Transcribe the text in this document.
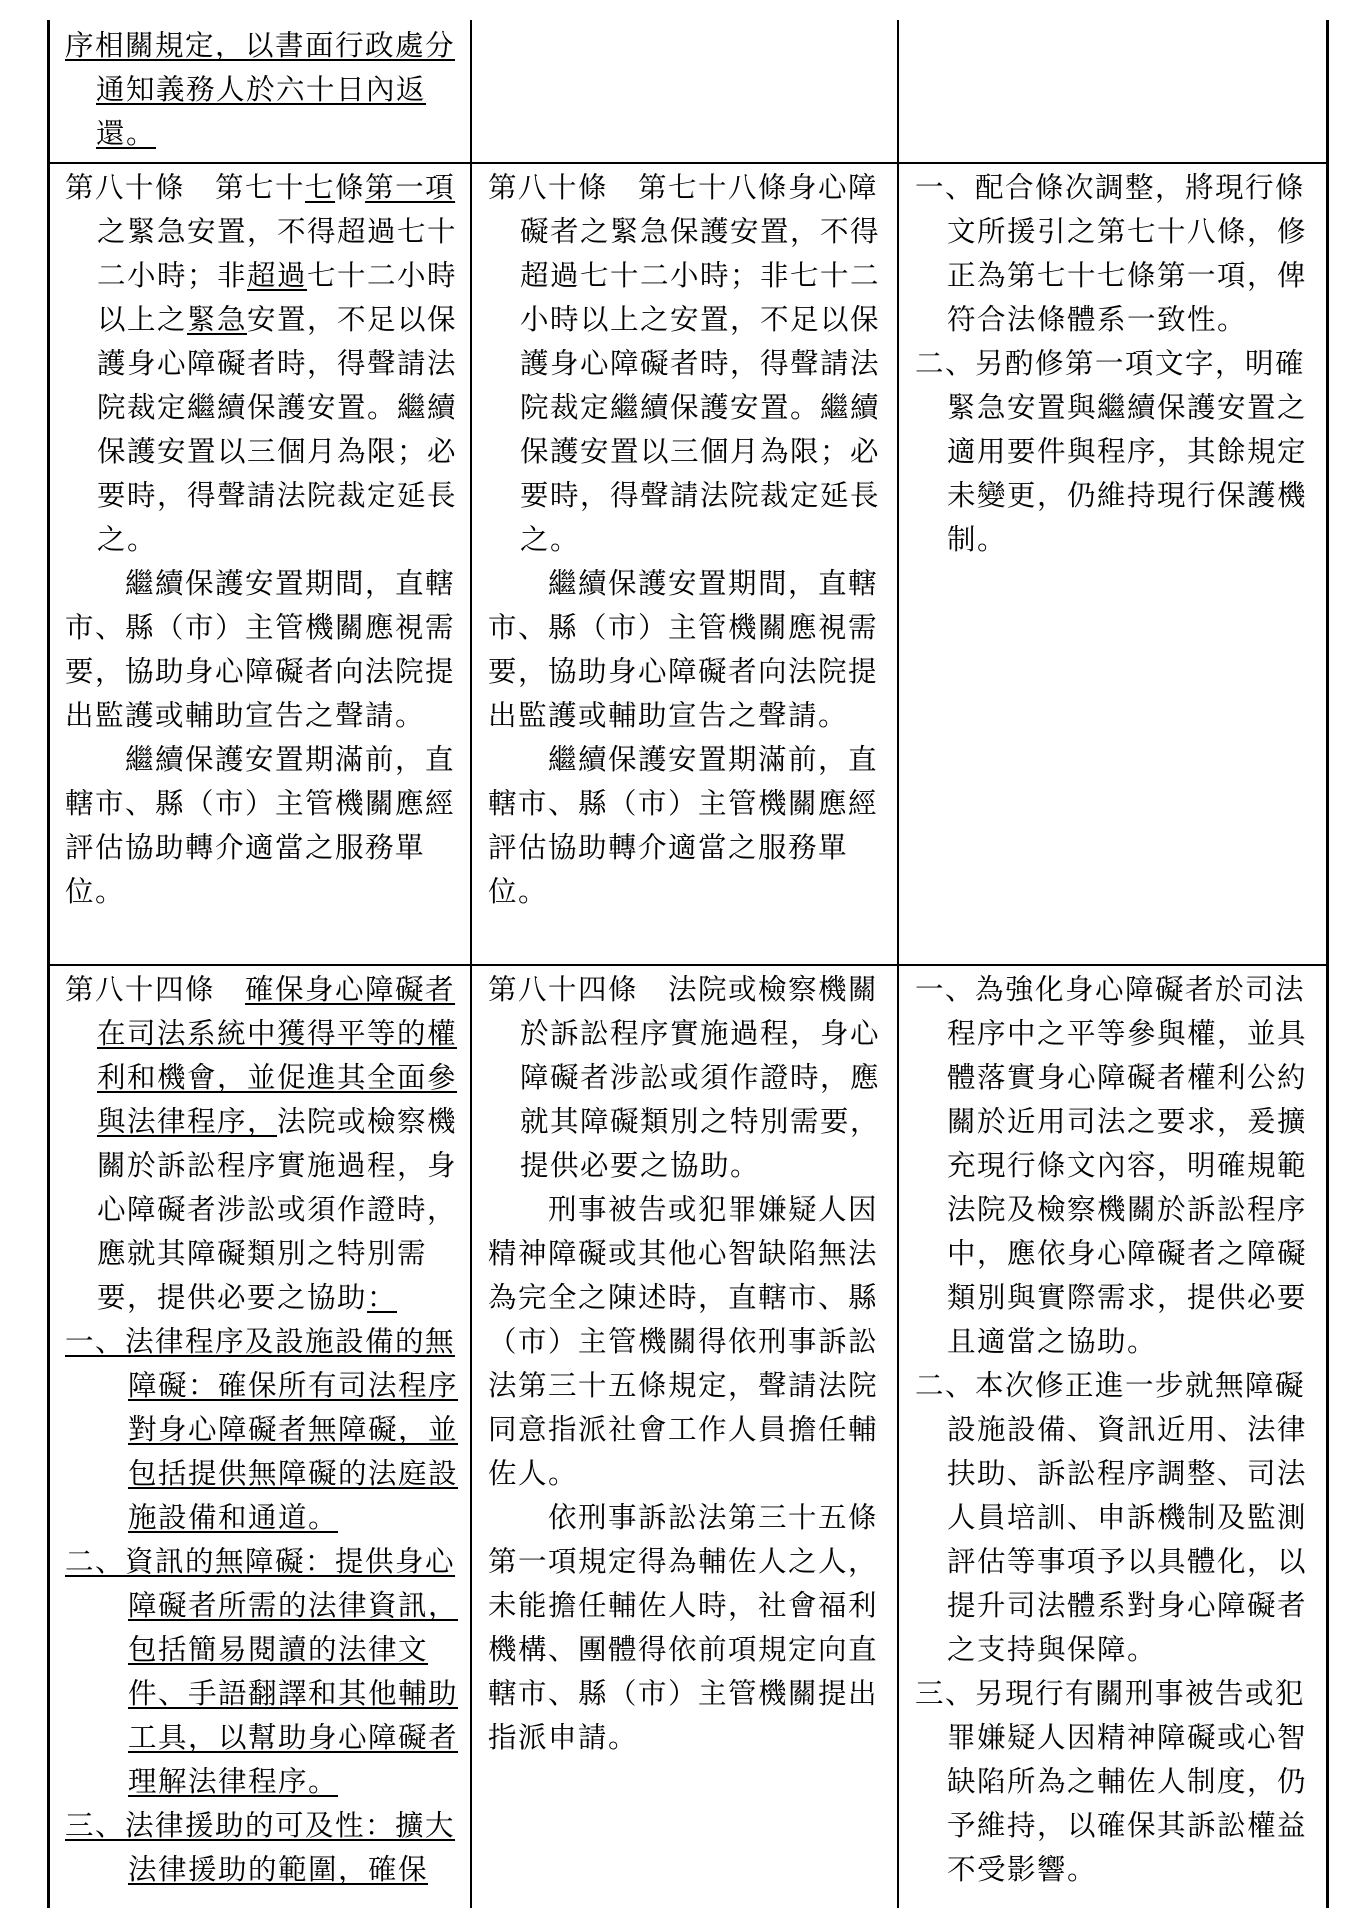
序相關規定，以書面行政處分通知義務人於六十日內返還。

第八十條　 第七十七條第一項之緊急安置，不得超過七十二小時；非超過七十二小時以上之緊急安置，不足以保護身心障礙者時，得聲請法院裁定繼續保護安置。繼續保護安置以三個月為限；必要時，得聲請法院裁定延長之。

繼續保護安置期間，直轄市、縣（市）主管機關應視需要，協助身心障礙者向法院提出監護或輔助宣告之聲請。

繼續保護安置期滿前，直轄市、縣（市）主管機關應經評估協助轉介適當之服務單位。

第八十條　 第七十八條身心障礙者之緊急保護安置，不得超過七十二小時；非七十二小時以上之安置，不足以保護身心障礙者時，得聲請法院裁定繼續保護安置。繼續保護安置以三個月為限；必要時，得聲請法院裁定延長之。

繼續保護安置期間，直轄市、縣（市）主管機關應視需要，協助身心障礙者向法院提出監護或輔助宣告之聲請。

繼續保護安置期滿前，直轄市、縣（市）主管機關應經評估協助轉介適當之服務單位。

一、配合條次調整，將現行條文所援引之第七十八條，修正為第七十七條第一項，俾符合法條體系一致性。

二、另酌修第一項文字，明確緊急安置與繼續保護安置之適用要件與程序，其餘規定未變更，仍維持現行保護機制。

第八十四條　 確保身心障礙者在司法系統中獲得平等的權利和機會，並促進其全面參與法律程序，法院或檢察機關於訴訟程序實施過程，身心障礙者涉訟或須作證時，應就其障礙類別之特別需要，提供必要之協助：

一、法律程序及設施設備的無障礙：確保所有司法程序對身心障礙者無障礙，並包括提供無障礙的法庭設施設備和通道。

二、資訊的無障礙：提供身心障礙者所需的法律資訊，包括簡易閱讀的法律文件、手語翻譯和其他輔助工具，以幫助身心障礙者理解法律程序。

三、法律援助的可及性：擴大法律援助的範圍，確保

第八十四條　 法院或檢察機關於訴訟程序實施過程，身心障礙者涉訟或須作證時，應就其障礙類別之特別需要，提供必要之協助。

刑事被告或犯罪嫌疑人因精神障礙或其他心智缺陷無法為完全之陳述時，直轄市、縣（市）主管機關得依刑事訴訟法第三十五條規定，聲請法院同意指派社會工作人員擔任輔佐人。

依刑事訴訟法第三十五條第一項規定得為輔佐人之人，未能擔任輔佐人時，社會福利機構、團體得依前項規定向直轄市、縣（市）主管機關提出指派申請。

一、為強化身心障礙者於司法程序中之平等參與權，並具體落實身心障礙者權利公約關於近用司法之要求，爰擴充現行條文內容，明確規範法院及檢察機關於訴訟程序中，應依身心障礙者之障礙類別與實際需求，提供必要且適當之協助。

二、本次修正進一步就無障礙設施設備、資訊近用、法律扶助、訴訟程序調整、司法人員培訓、申訴機制及監測評估等事項予以具體化，以提升司法體系對身心障礙者之支持與保障。

三、另現行有關刑事被告或犯罪嫌疑人因精神障礙或心智缺陷所為之輔佐人制度，仍予維持，以確保其訴訟權益不受影響。
